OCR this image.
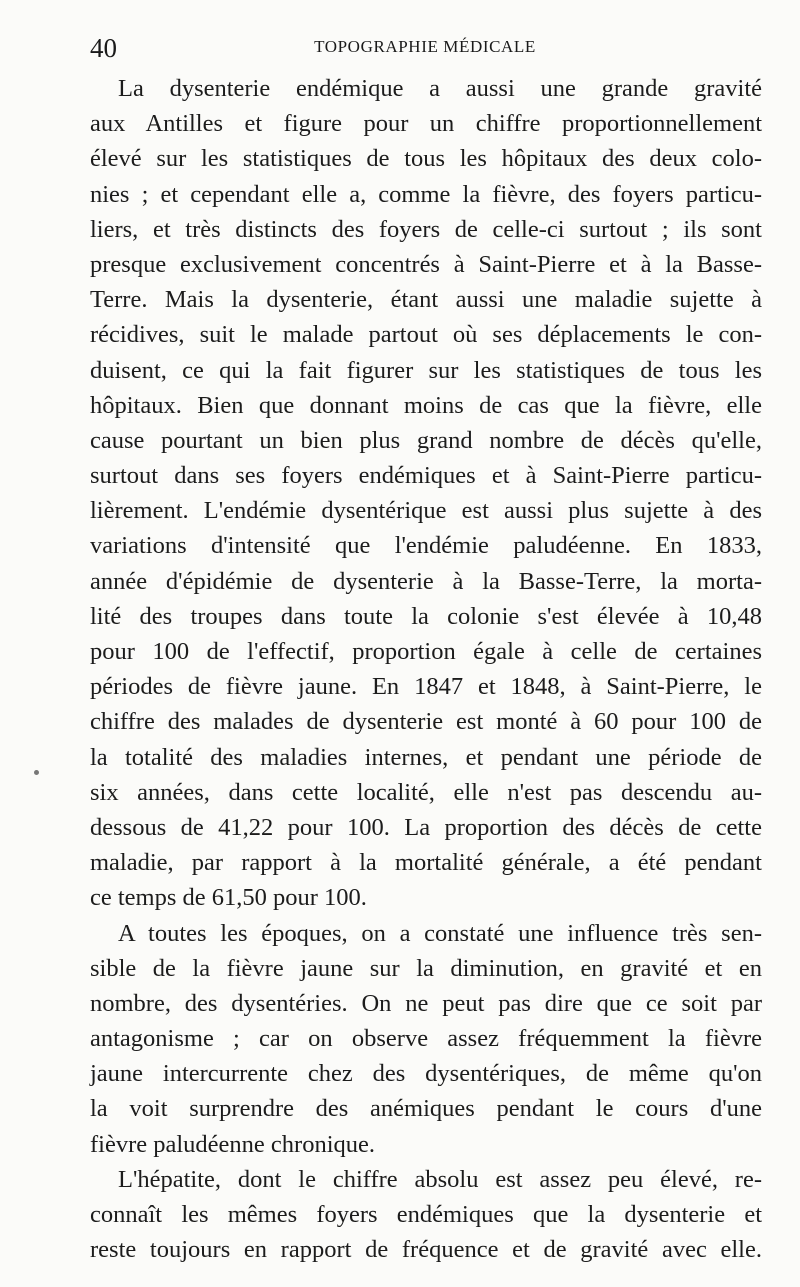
40	TOPOGRAPHIE MÉDICALE
La dysenterie endémique a aussi une grande gravité
aux Antilles et figure pour un chiffre proportionnellement
élevé sur les statistiques de tous les hôpitaux des deux colo-
nies ; et cependant elle a, comme la fièvre, des foyers particu-
liers, et très distincts des foyers de celle-ci surtout ; ils sont
presque exclusivement concentrés à Saint-Pierre et à la Basse-
Terre. Mais la dysenterie, étant aussi une maladie sujette à
récidives, suit le malade partout où ses déplacements le con-
duisent, ce qui la fait figurer sur les statistiques de tous les
hôpitaux. Bien que donnant moins de cas que la fièvre, elle
cause pourtant un bien plus grand nombre de décès qu'elle,
surtout dans ses foyers endémiques et à Saint-Pierre particu-
lièrement. L'endémie dysentérique est aussi plus sujette à des
variations d'intensité que l'endémie paludéenne. En 1833,
année d'épidémie de dysenterie à la Basse-Terre, la morta-
lité des troupes dans toute la colonie s'est élevée à 10,48
pour 100 de l'effectif, proportion égale à celle de certaines
périodes de fièvre jaune. En 1847 et 1848, à Saint-Pierre, le
chiffre des malades de dysenterie est monté à 60 pour 100 de
la totalité des maladies internes, et pendant une période de
six années, dans cette localité, elle n'est pas descendu au-
dessous de 41,22 pour 100. La proportion des décès de cette
maladie, par rapport à la mortalité générale, a été pendant
ce temps de 61,50 pour 100.
A toutes les époques, on a constaté une influence très sen-
sible de la fièvre jaune sur la diminution, en gravité et en
nombre, des dysentéries. On ne peut pas dire que ce soit par
antagonisme ; car on observe assez fréquemment la fièvre
jaune intercurrente chez des dysentériques, de même qu'on
la voit surprendre des anémiques pendant le cours d'une
fièvre paludéenne chronique.
L'hépatite, dont le chiffre absolu est assez peu élevé, re-
connaît les mêmes foyers endémiques que la dysenterie et
reste toujours en rapport de fréquence et de gravité avec elle.
